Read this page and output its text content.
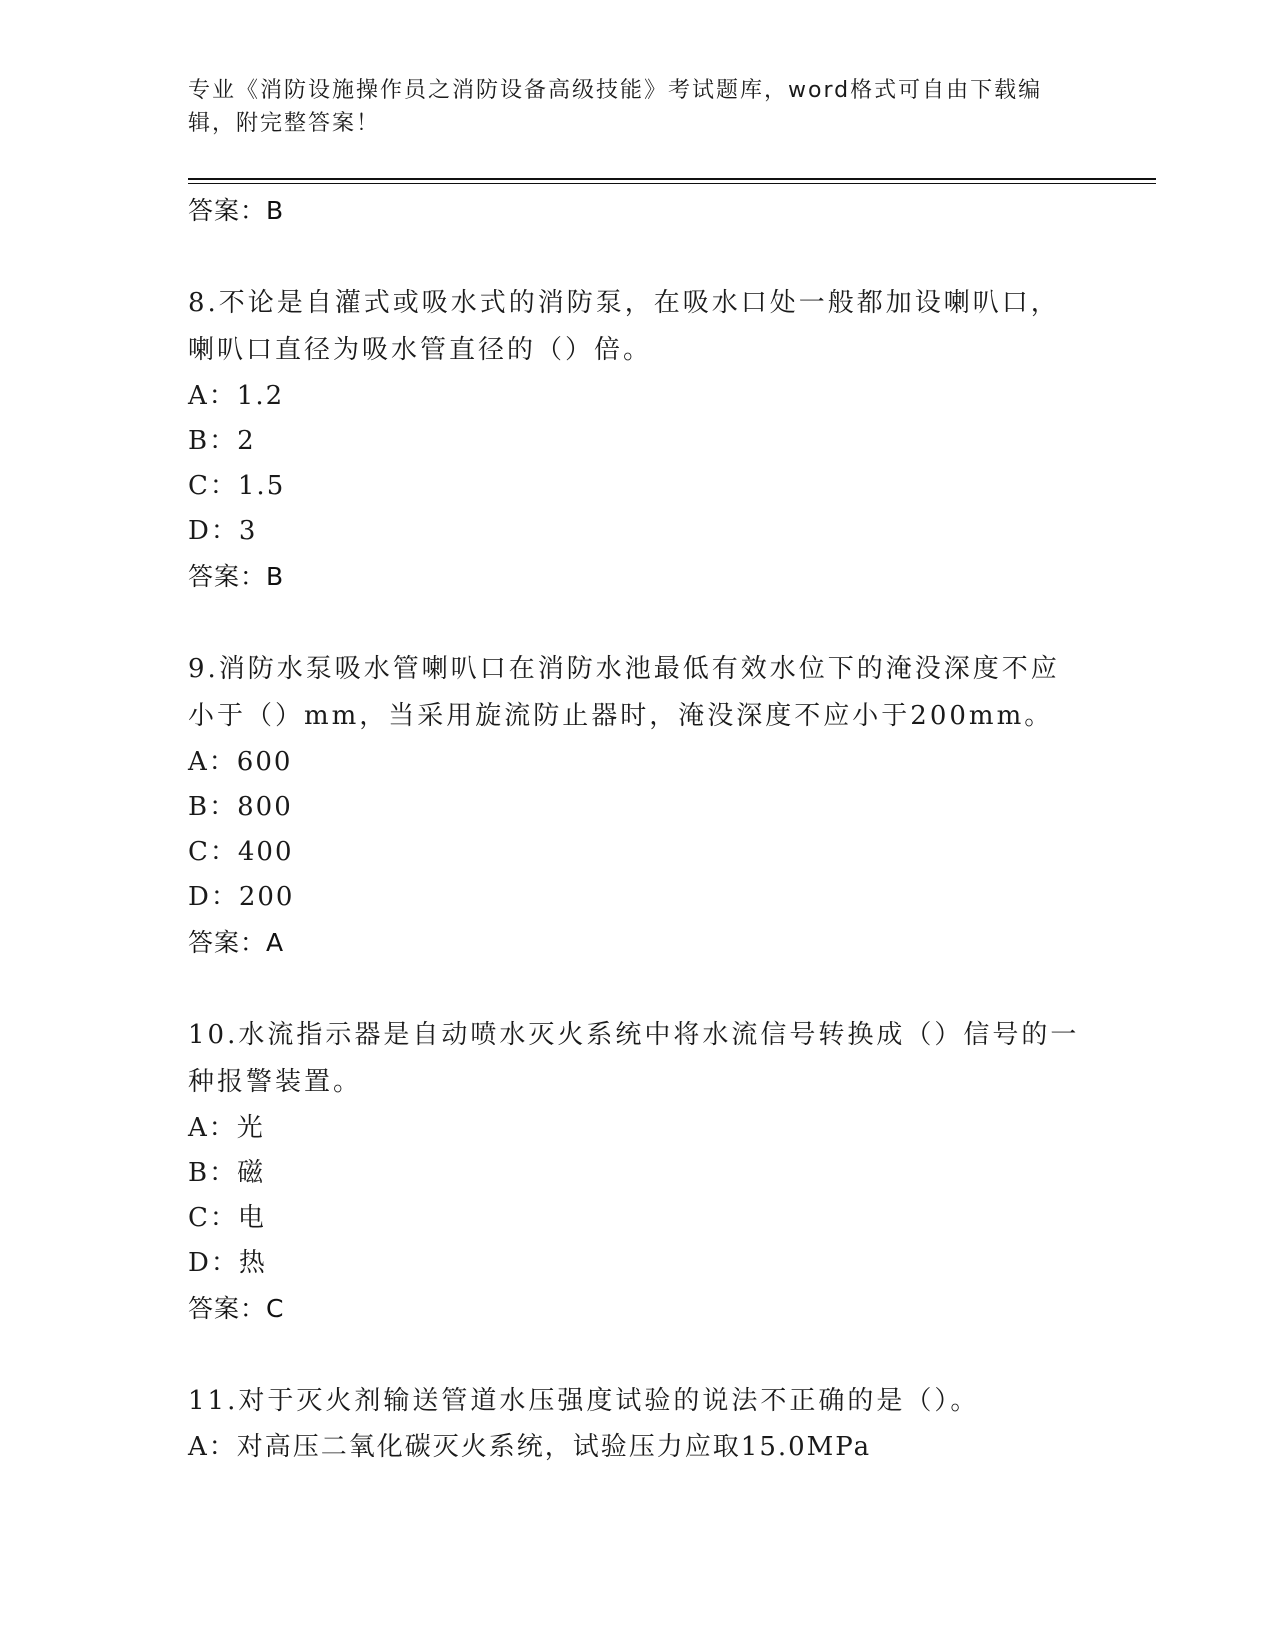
专业《消防设施操作员之消防设备高级技能》考试题库，word格式可自由下载编辑，附完整答案！
答案：B
8.不论是自灌式或吸水式的消防泵，在吸水口处一般都加设喇叭口，喇叭口直径为吸水管直径的（）倍。
A：1.2
B：2
C：1.5
D：3
答案：B
9.消防水泵吸水管喇叭口在消防水池最低有效水位下的淹没深度不应小于（）mm，当采用旋流防止器时，淹没深度不应小于200mm。
A：600
B：800
C：400
D：200
答案：A
10.水流指示器是自动喷水灭火系统中将水流信号转换成（）信号的一种报警装置。
A：光
B：磁
C：电
D：热
答案：C
11.对于灭火剂输送管道水压强度试验的说法不正确的是（）。
A：对高压二氧化碳灭火系统，试验压力应取15.0MPa
